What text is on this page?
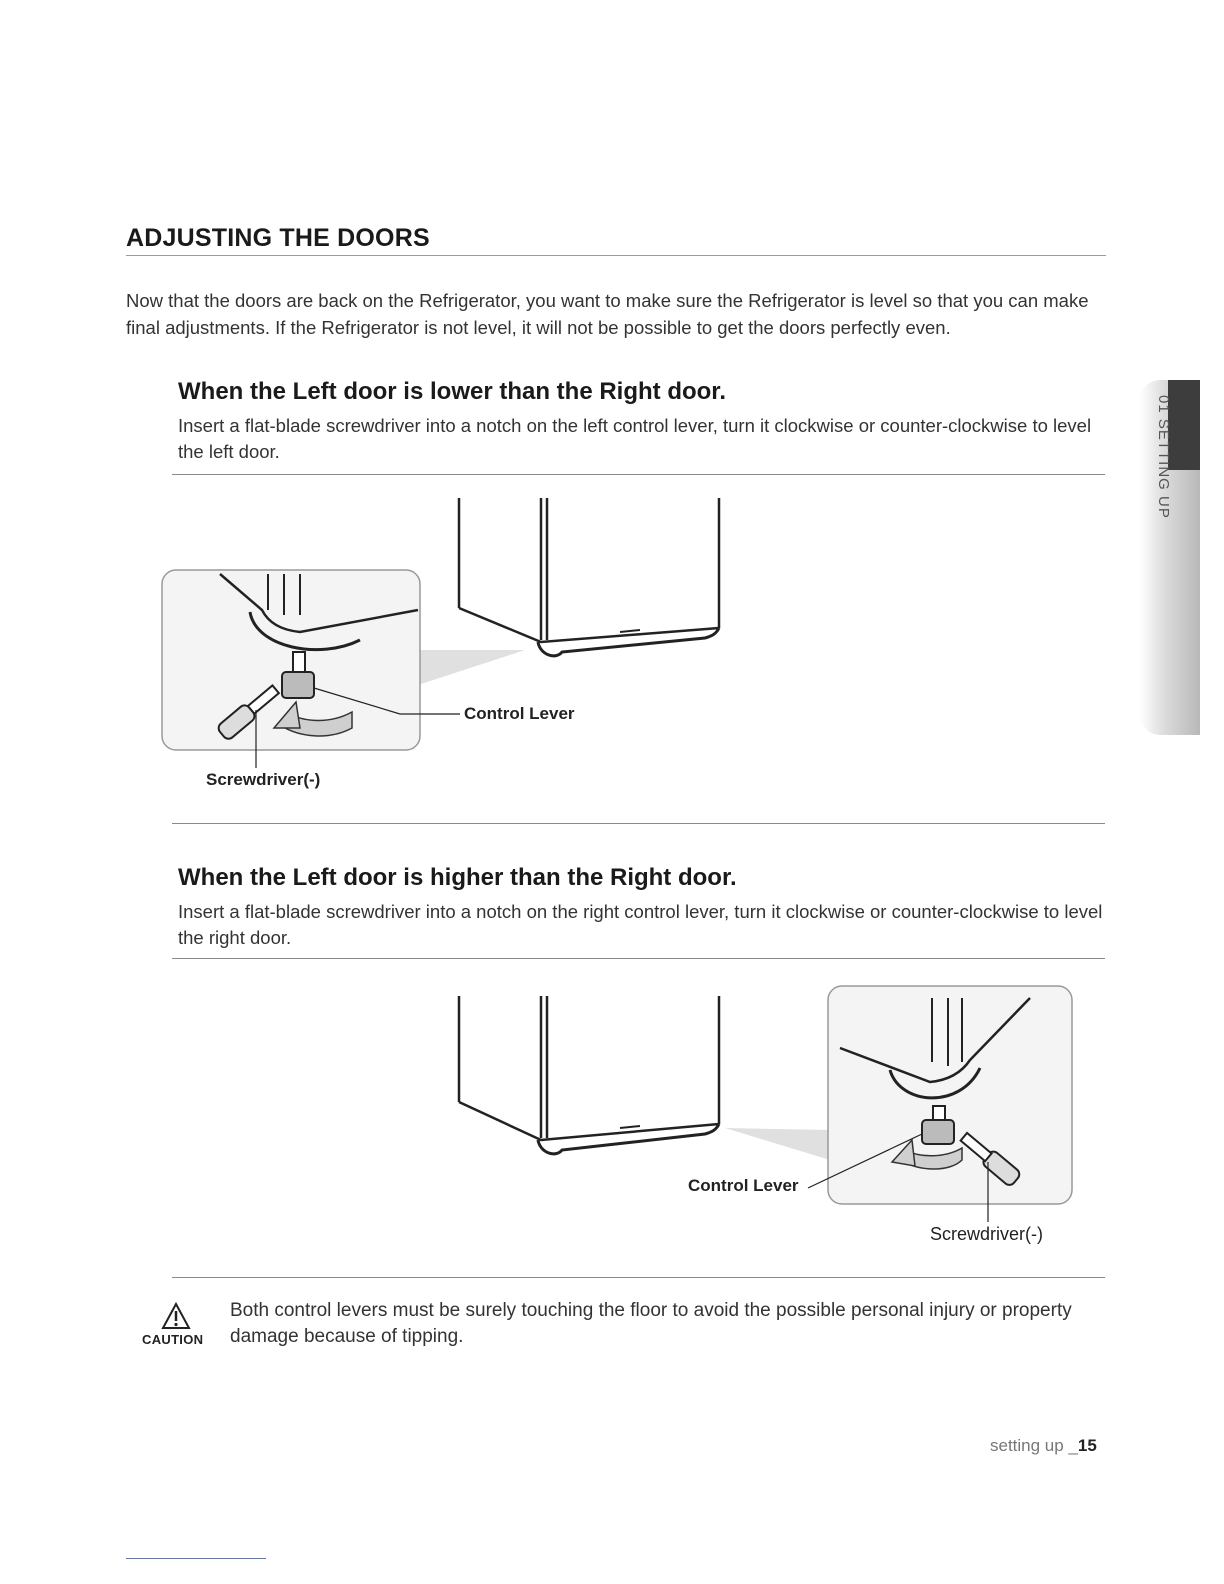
ADJUSTING THE DOORS
Now that the doors are back on the Refrigerator, you want to make sure the Refrigerator is level so that you can make final adjustments. If the Refrigerator is not level, it will not be possible to get the doors perfectly even.
01 SETTING UP
When the Left door is lower than the Right door.
Insert a flat-blade screwdriver into a notch on the left control lever, turn it clockwise or counter-clockwise to level the left door.
Control Lever
Screwdriver(-)
When the Left door is higher than the Right door.
Insert a flat-blade screwdriver into a notch on the right control lever, turn it clockwise or counter-clockwise to level the right door.
Control Lever
Screwdriver(-)
CAUTION
Both control levers must be surely touching the floor to avoid the possible personal injury or property damage because of tipping.
setting up _15
